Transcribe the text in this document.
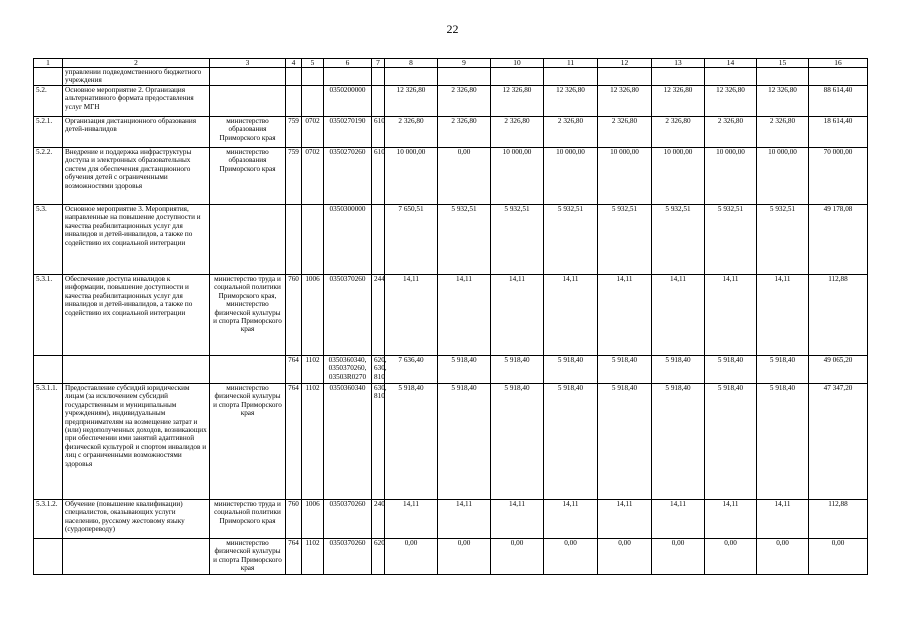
22
1	2	3	4	5	6	7	8	9	10	11	12	13	14	15	16
	управлении подведомственного бюджетного учреждения														
5.2.	Основное мероприятие 2. Организация альтернативного формата предоставления услуг МГН				0350200000		12 326,80	2 326,80	12 326,80	12 326,80	12 326,80	12 326,80	12 326,80	12 326,80	88 614,40
5.2.1.	Организация дистанционного образования детей-инвалидов	министерство образования Приморского края	759	0702	0350270190	610	2 326,80	2 326,80	2 326,80	2 326,80	2 326,80	2 326,80	2 326,80	2 326,80	18 614,40
5.2.2.	Внедрение и поддержка инфраструктуры доступа и электронных образовательных систем для обеспечения дистанционного обучения детей с ограниченными возможностями здоровья	министерство образования Приморского края	759	0702	0350270260	610	10 000,00	0,00	10 000,00	10 000,00	10 000,00	10 000,00	10 000,00	10 000,00	70 000,00
5.3.	Основное мероприятие 3. Мероприятия, направленные на повышение доступности и качества реабилитационных услуг для инвалидов и детей-инвалидов, а также по содействию их социальной интеграции				0350300000		7 650,51	5 932,51	5 932,51	5 932,51	5 932,51	5 932,51	5 932,51	5 932,51	49 178,08
5.3.1.	Обеспечение доступа инвалидов к информации, повышение доступности и качества реабилитационных услуг для инвалидов и детей-инвалидов, а также по содействию их социальной интеграции	министерство труда и социальной политики Приморского края, министерство физической культуры и спорта Приморского края	760	1006	0350370260	244	14,11	14,11	14,11	14,11	14,11	14,11	14,11	14,11	112,88
			764	1102	0350360340, 0350370260, 03503R0270	620, 630, 810	7 636,40	5 918,40	5 918,40	5 918,40	5 918,40	5 918,40	5 918,40	5 918,40	49 065,20
5.3.1.1.	Предоставление субсидий юридическим лицам (за исключением субсидий государственным и муниципальным учреждениям), индивидуальным предпринимателям на возмещение затрат и (или) недополученных доходов, возникающих при обеспечении ими занятий адаптивной физической культурой и спортом инвалидов и лиц с ограниченными возможностями здоровья	министерство физической культуры и спорта Приморского края	764	1102	0350360340	630, 810	5 918,40	5 918,40	5 918,40	5 918,40	5 918,40	5 918,40	5 918,40	5 918,40	47 347,20
5.3.1.2.	Обучение (повышение квалификации) специалистов, оказывающих услуги населению, русскому жестовому языку (сурдопереводу)	министерство труда и социальной политики Приморского края	760	1006	0350370260	240	14,11	14,11	14,11	14,11	14,11	14,11	14,11	14,11	112,88
		министерство физической культуры и спорта Приморского края	764	1102	0350370260	620	0,00	0,00	0,00	0,00	0,00	0,00	0,00	0,00	0,00
